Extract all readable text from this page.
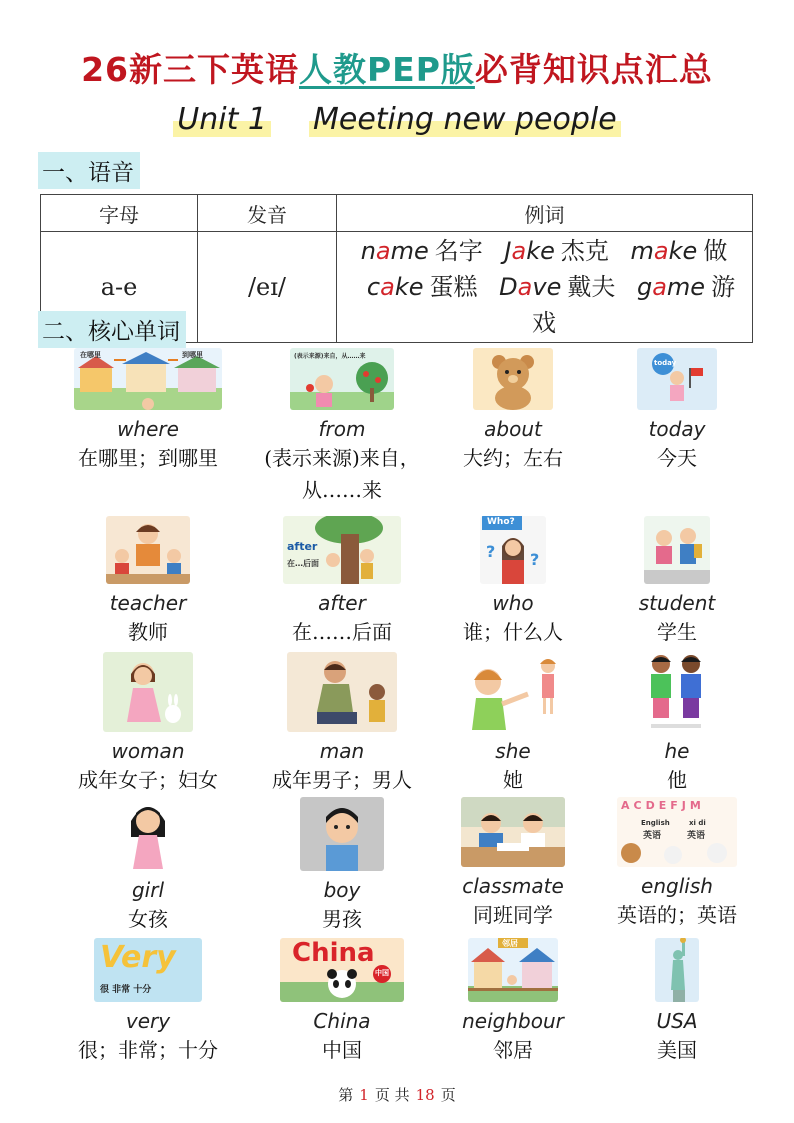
26新三下英语人教PEP版必背知识点汇总
Unit 1 Meeting new people
一、语音
字母	发音	例词
a-e	/eɪ/	name 名字 Jake 杰克 make 做
cake 蛋糕 Dave 戴夫 game 游戏
二、核心单词
在哪里	到哪里
where
在哪里；到哪里
(表示来源)来自，从……来
from
(表示来源)来自，
从……来
about
大约；左右
today
today
今天
teacher
教师
after
在…后面
after
在……后面
Who?
? ?
who
谁；什么人
student
学生
woman
成年女子；妇女
man
成年男子；男人
she
她
he
他
girl
女孩
boy
男孩
classmate
同班同学
ACDEFJM
English
英语
xi di
英语
english
英语的；英语
Very
很 非常 十分
very
很；非常；十分
China
中国
China
中国
邻居
neighbour
邻居
USA
美国
第 1 页 共 18 页
